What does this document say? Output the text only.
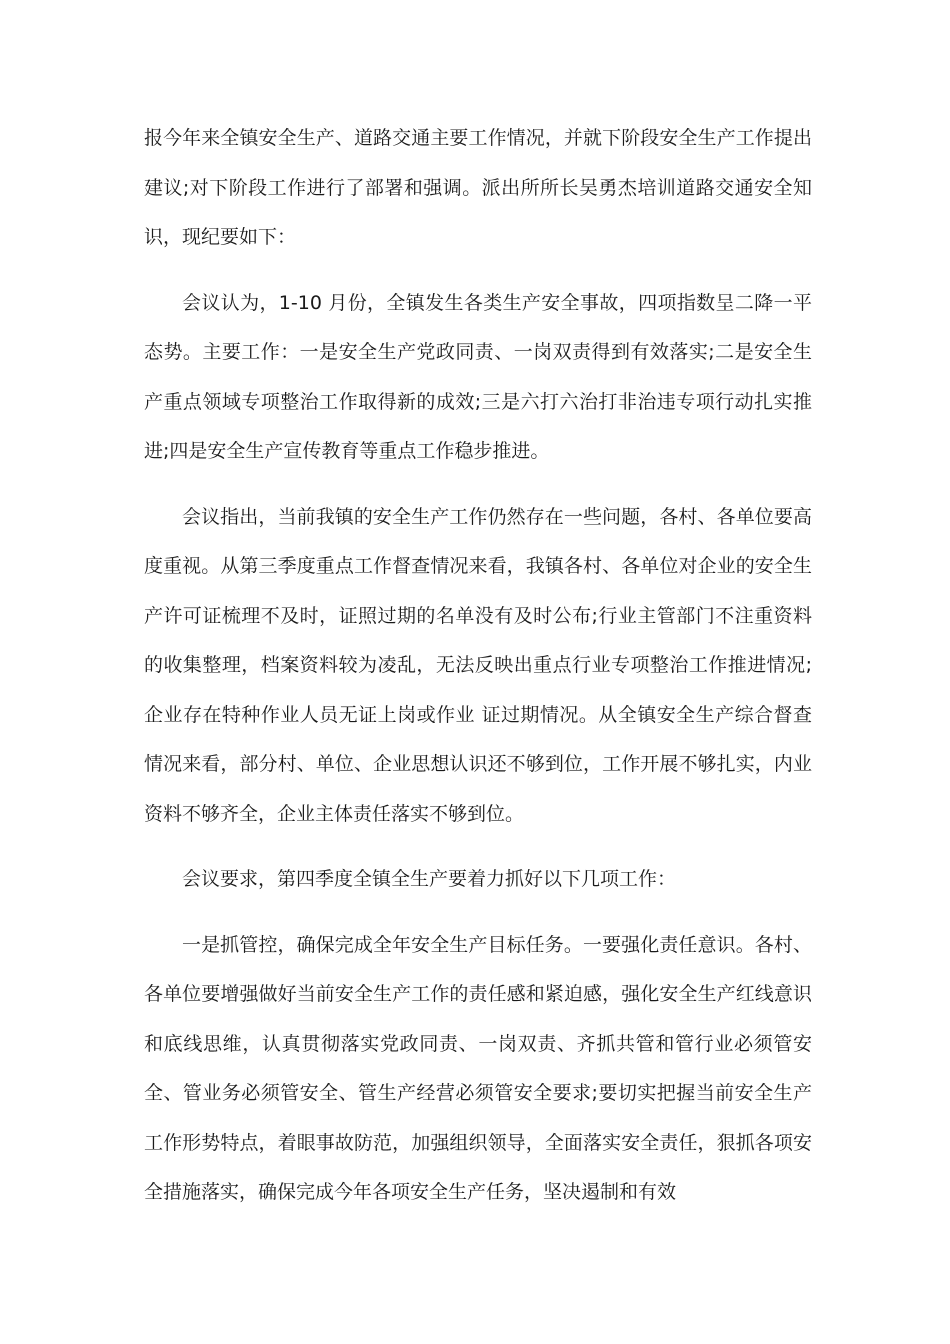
报今年来全镇安全生产、道路交通主要工作情况，并就下阶段安全生产工作提出建议;对下阶段工作进行了部署和强调。派出所所长吴勇杰培训道路交通安全知识，现纪要如下：

会议认为，1-10 月份，全镇发生各类生产安全事故，四项指数呈二降一平态势。主要工作：一是安全生产党政同责、一岗双责得到有效落实;二是安全生产重点领域专项整治工作取得新的成效;三是六打六治打非治违专项行动扎实推进;四是安全生产宣传教育等重点工作稳步推进。

会议指出，当前我镇的安全生产工作仍然存在一些问题，各村、各单位要高度重视。从第三季度重点工作督查情况来看，我镇各村、各单位对企业的安全生产许可证梳理不及时，证照过期的名单没有及时公布;行业主管部门不注重资料的收集整理，档案资料较为凌乱，无法反映出重点行业专项整治工作推进情况;企业存在特种作业人员无证上岗或作业 证过期情况。从全镇安全生产综合督查情况来看，部分村、单位、企业思想认识还不够到位，工作开展不够扎实，内业资料不够齐全，企业主体责任落实不够到位。

会议要求，第四季度全镇全生产要着力抓好以下几项工作：

一是抓管控，确保完成全年安全生产目标任务。一要强化责任意识。各村、各单位要增强做好当前安全生产工作的责任感和紧迫感，强化安全生产红线意识和底线思维，认真贯彻落实党政同责、一岗双责、齐抓共管和管行业必须管安全、管业务必须管安全、管生产经营必须管安全要求;要切实把握当前安全生产工作形势特点，着眼事故防范，加强组织领导，全面落实安全责任，狠抓各项安 全措施落实，确保完成今年各项安全生产任务，坚决遏制和有效
